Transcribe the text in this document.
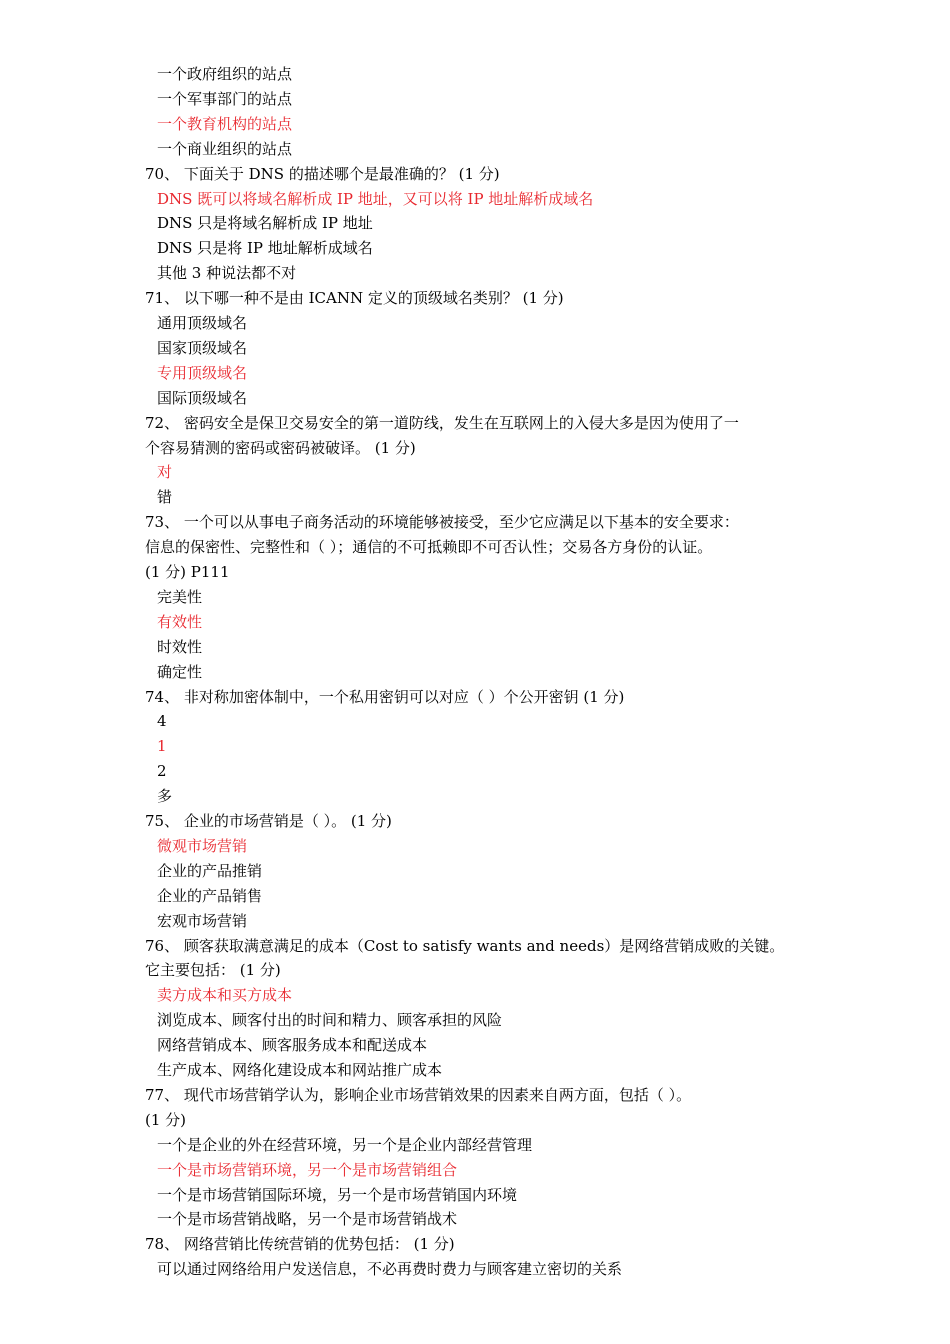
一个政府组织的站点
一个军事部门的站点
一个教育机构的站点
一个商业组织的站点
70、 下面关于 DNS 的描述哪个是最准确的？ (1 分)
DNS 既可以将域名解析成 IP 地址，又可以将 IP 地址解析成域名
DNS 只是将域名解析成 IP 地址
DNS 只是将 IP 地址解析成域名
其他 3 种说法都不对
71、 以下哪一种不是由 ICANN 定义的顶级域名类别？ (1 分)
通用顶级域名
国家顶级域名
专用顶级域名
国际顶级域名
72、 密码安全是保卫交易安全的第一道防线，发生在互联网上的入侵大多是因为使用了一
个容易猜测的密码或密码被破译。 (1 分)
对
错
73、 一个可以从事电子商务活动的环境能够被接受，至少它应满足以下基本的安全要求：
信息的保密性、完整性和（ ）；通信的不可抵赖即不可否认性；交易各方身份的认证。
(1 分) P111
完美性
有效性
时效性
确定性
74、 非对称加密体制中，一个私用密钥可以对应（ ）个公开密钥 (1 分)
4
1
2
多
75、 企业的市场营销是（ ）。 (1 分)
微观市场营销
企业的产品推销
企业的产品销售
宏观市场营销
76、 顾客获取满意满足的成本（Cost to satisfy wants and needs）是网络营销成败的关键。
它主要包括： (1 分)
卖方成本和买方成本
浏览成本、顾客付出的时间和精力、顾客承担的风险
网络营销成本、顾客服务成本和配送成本
生产成本、网络化建设成本和网站推广成本
77、 现代市场营销学认为，影响企业市场营销效果的因素来自两方面，包括（ ）。
(1 分)
一个是企业的外在经营环境，另一个是企业内部经营管理
一个是市场营销环境，另一个是市场营销组合
一个是市场营销国际环境，另一个是市场营销国内环境
一个是市场营销战略，另一个是市场营销战术
78、 网络营销比传统营销的优势包括： (1 分)
可以通过网络给用户发送信息，不必再费时费力与顾客建立密切的关系
